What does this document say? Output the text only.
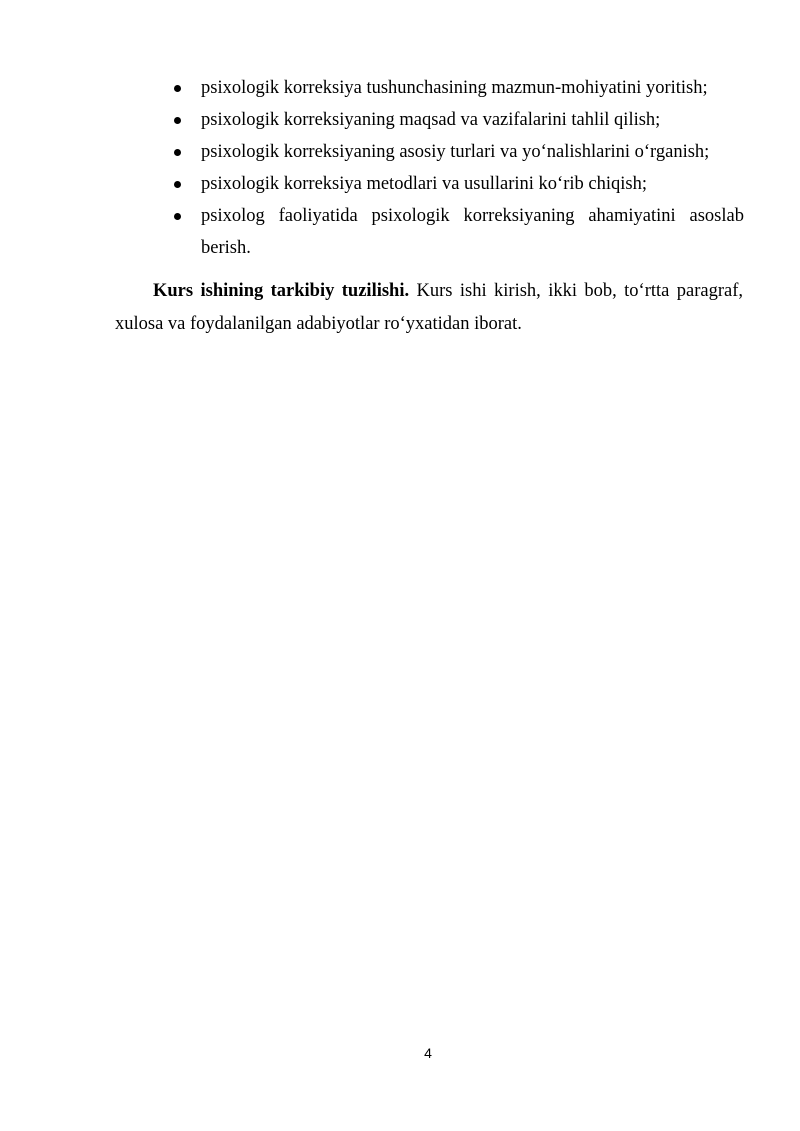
psixologik korreksiya tushunchasining mazmun-mohiyatini yoritish;
psixologik korreksiyaning maqsad va vazifalarini tahlil qilish;
psixologik korreksiyaning asosiy turlari va yo‘nalishlarini o‘rganish;
psixologik korreksiya metodlari va usullarini ko‘rib chiqish;
psixolog faoliyatida psixologik korreksiyaning ahamiyatini asoslab
berish.

Kurs ishining tarkibiy tuzilishi. Kurs ishi kirish, ikki bob, to‘rtta paragraf,
xulosa va foydalanilgan adabiyotlar ro‘yxatidan iborat.

4
